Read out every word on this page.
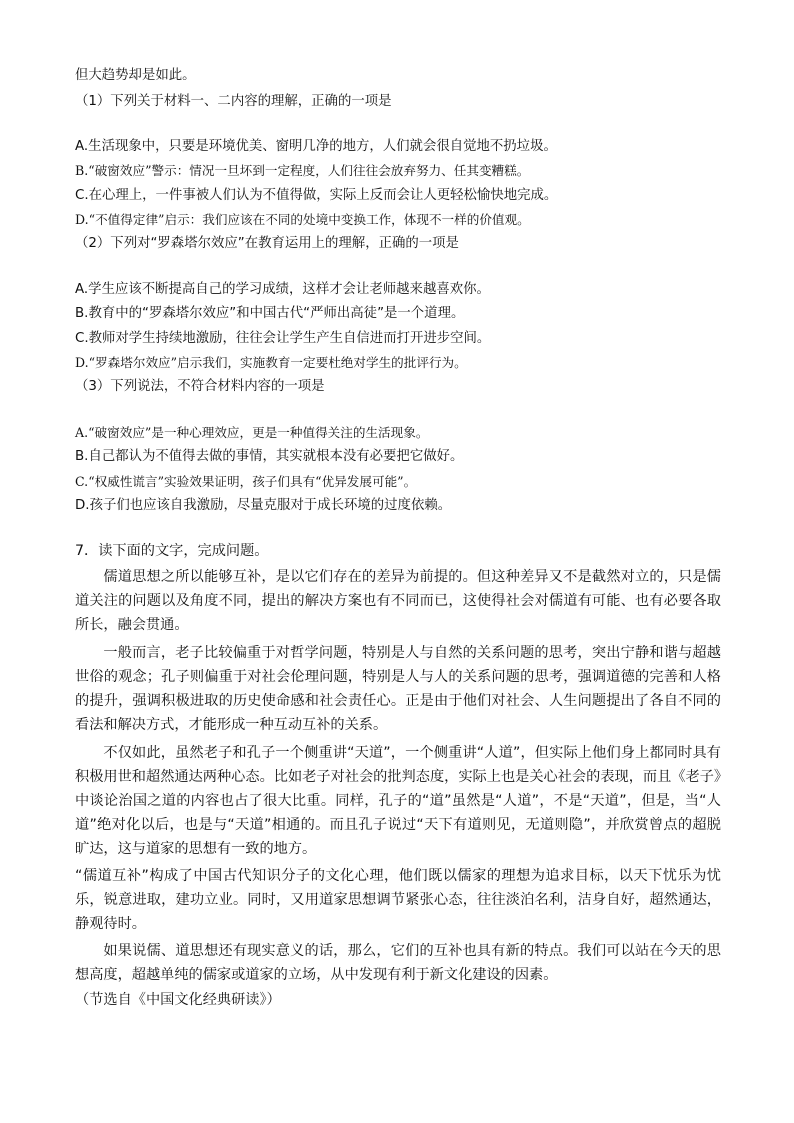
但大趋势却是如此。
（1）下列关于材料一、二内容的理解，正确的一项是
A.生活现象中，只要是环境优美、窗明几净的地方，人们就会很自觉地不扔垃圾。
B.“破窗效应”警示：情况一旦坏到一定程度，人们往往会放弃努力、任其变糟糕。
C.在心理上，一件事被人们认为不值得做，实际上反而会让人更轻松愉快地完成。
D.“不值得定律”启示：我们应该在不同的处境中变换工作，体现不一样的价值观。
（2）下列对“罗森塔尔效应”在教育运用上的理解，正确的一项是
A.学生应该不断提高自己的学习成绩，这样才会让老师越来越喜欢你。
B.教育中的“罗森塔尔效应”和中国古代“严师出高徒”是一个道理。
C.教师对学生持续地激励，往往会让学生产生自信进而打开进步空间。
D.“罗森塔尔效应”启示我们，实施教育一定要杜绝对学生的批评行为。
（3）下列说法，不符合材料内容的一项是
A.“破窗效应”是一种心理效应，更是一种值得关注的生活现象。
B.自己都认为不值得去做的事情，其实就根本没有必要把它做好。
C.“权威性谎言”实验效果证明，孩子们具有“优异发展可能”。
D.孩子们也应该自我激励，尽量克服对于成长环境的过度依赖。
7．读下面的文字，完成问题。
儒道思想之所以能够互补，是以它们存在的差异为前提的。但这种差异又不是截然对立的，只是儒道关注的问题以及角度不同，提出的解决方案也有不同而已，这使得社会对儒道有可能、也有必要各取所长，融会贯通。
一般而言，老子比较偏重于对哲学问题，特别是人与自然的关系问题的思考，突出宁静和谐与超越世俗的观念；孔子则偏重于对社会伦理问题，特别是人与人的关系问题的思考，强调道德的完善和人格的提升，强调积极进取的历史使命感和社会责任心。正是由于他们对社会、人生问题提出了各自不同的看法和解决方式，才能形成一种互动互补的关系。
不仅如此，虽然老子和孔子一个侧重讲“天道”，一个侧重讲“人道”，但实际上他们身上都同时具有积极用世和超然通达两种心态。比如老子对社会的批判态度，实际上也是关心社会的表现，而且《老子》中谈论治国之道的内容也占了很大比重。同样，孔子的“道”虽然是“人道”，不是“天道”，但是，当“人道”绝对化以后，也是与“天道”相通的。而且孔子说过“天下有道则见，无道则隐”，并欣赏曾点的超脱旷达，这与道家的思想有一致的地方。
“儒道互补”构成了中国古代知识分子的文化心理，他们既以儒家的理想为追求目标，以天下忧乐为忧乐，锐意进取，建功立业。同时，又用道家思想调节紧张心态，往往淡泊名利，洁身自好，超然通达，静观待时。
如果说儒、道思想还有现实意义的话，那么，它们的互补也具有新的特点。我们可以站在今天的思想高度，超越单纯的儒家或道家的立场，从中发现有利于新文化建设的因素。
（节选自《中国文化经典研读》）
